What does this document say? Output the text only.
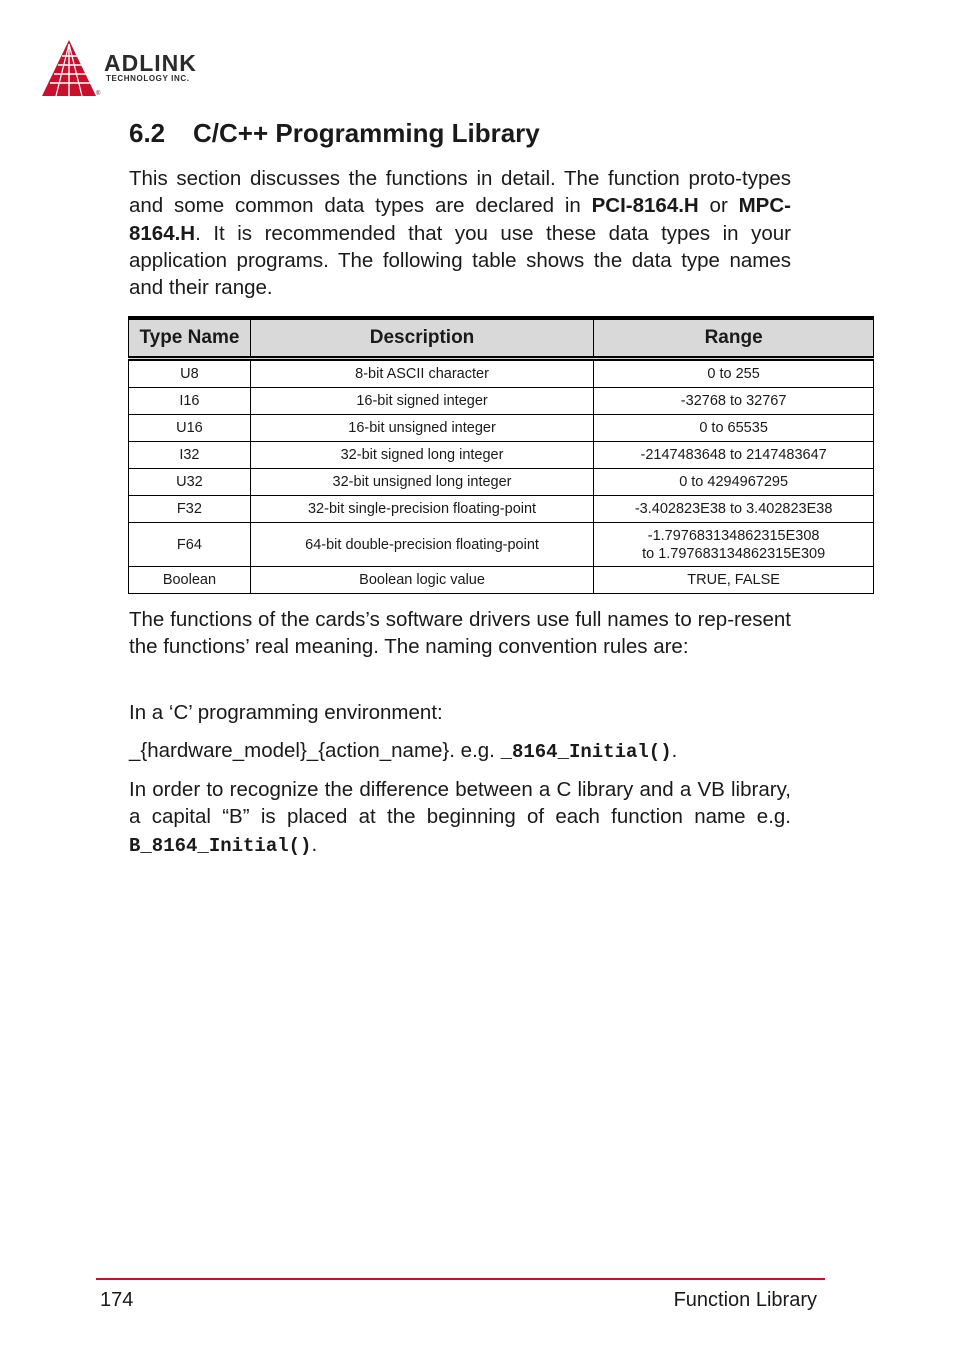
ADLINK
TECHNOLOGY INC.
®
6.2 C/C++ Programming Library

This section discusses the functions in detail. The function proto-types and some common data types are declared in PCI-8164.H or MPC-8164.H. It is recommended that you use these data types in your application programs. The following table shows the data type names and their range.

Type Name	Description	Range
U8	8-bit ASCII character	0 to 255
I16	16-bit signed integer	-32768 to 32767
U16	16-bit unsigned integer	0 to 65535
I32	32-bit signed long integer	-2147483648 to 2147483647
U32	32-bit unsigned long integer	0 to 4294967295
F32	32-bit single-precision floating-point	-3.402823E38 to 3.402823E38
F64	64-bit double-precision floating-point	-1.797683134862315E308
to 1.797683134862315E309

Boolean	Boolean logic value	TRUE, FALSE

The functions of the cards’s software drivers use full names to rep-resent the functions’ real meaning. The naming convention rules are:

In a ‘C’ programming environment:

_{hardware_model}_{action_name}. e.g. _8164_Initial().

In order to recognize the difference between a C library and a VB library, a capital “B” is placed at the beginning of each function name e.g. B_8164_Initial().

174	Function Library
